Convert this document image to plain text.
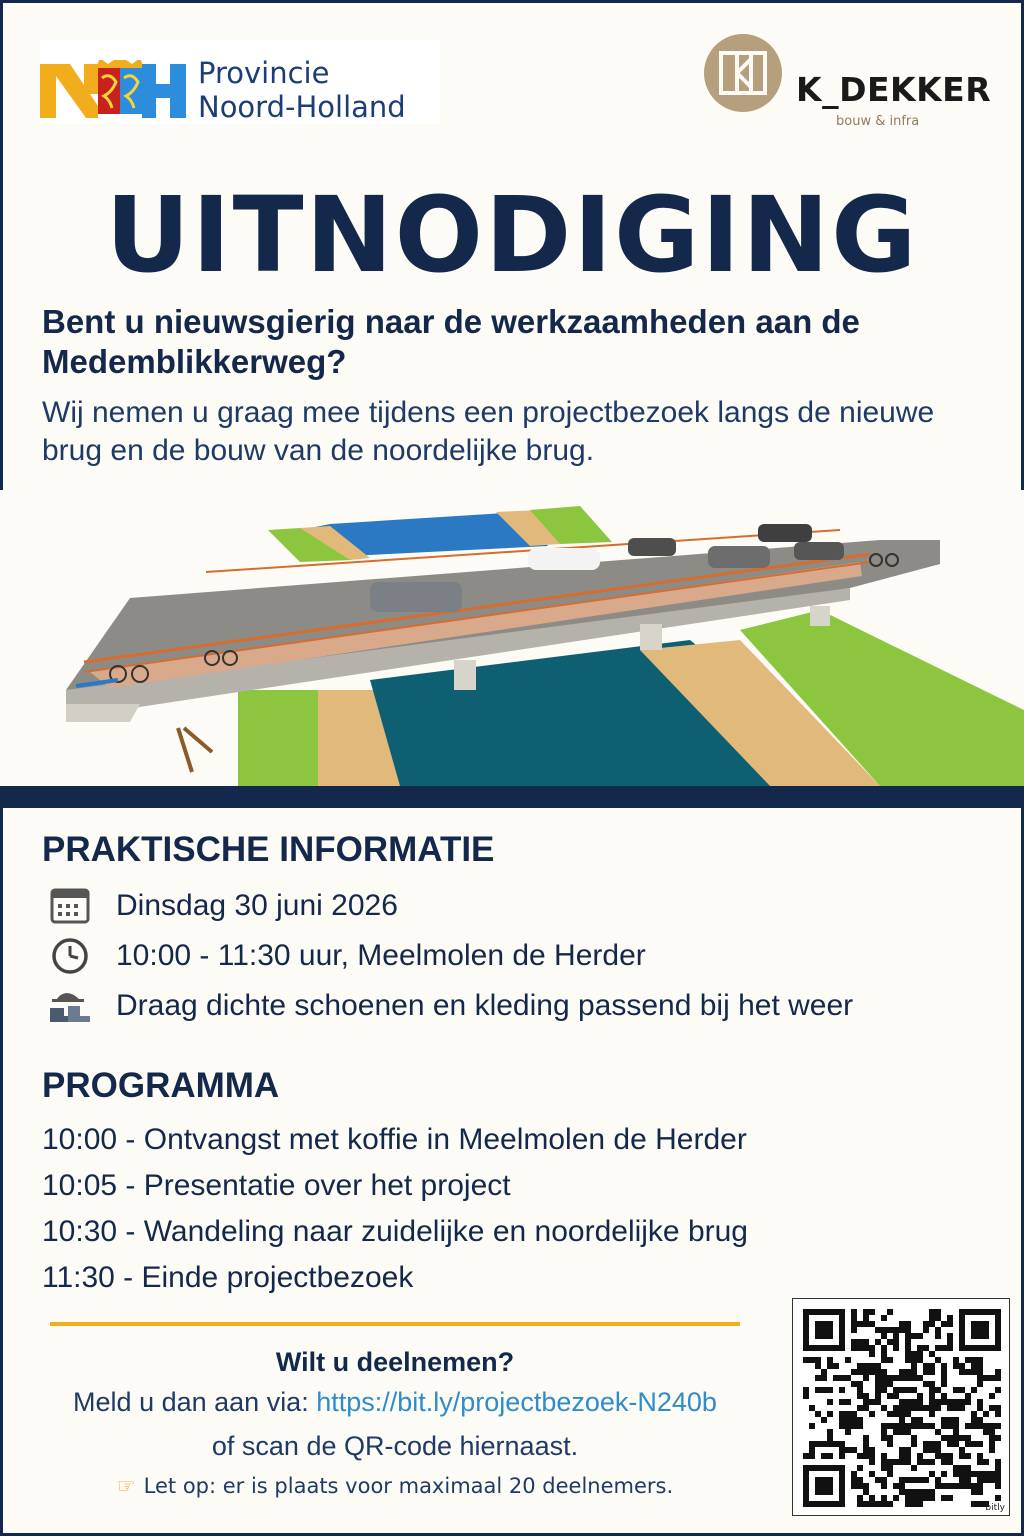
Provincie
Noord-Holland	K_DEKKER
bouw & infra
UITNODIGING
Bent u nieuwsgierig naar de werkzaamheden aan de Medemblikkerweg?
Wij nemen u graag mee tijdens een projectbezoek langs de nieuwe brug en de bouw van de noordelijke brug.
PRAKTISCHE INFORMATIE
Dinsdag 30 juni 2026
10:00 - 11:30 uur, Meelmolen de Herder
Draag dichte schoenen en kleding passend bij het weer
PROGRAMMA
10:00 - Ontvangst met koffie in Meelmolen de Herder
10:05 - Presentatie over het project
10:30 - Wandeling naar zuidelijke en noordelijke brug
11:30 - Einde projectbezoek
Wilt u deelnemen?
Meld u dan aan via: https://bit.ly/projectbezoek-N240b
of scan de QR-code hiernaast.
☞ Let op: er is plaats voor maximaal 20 deelnemers.
bitly
